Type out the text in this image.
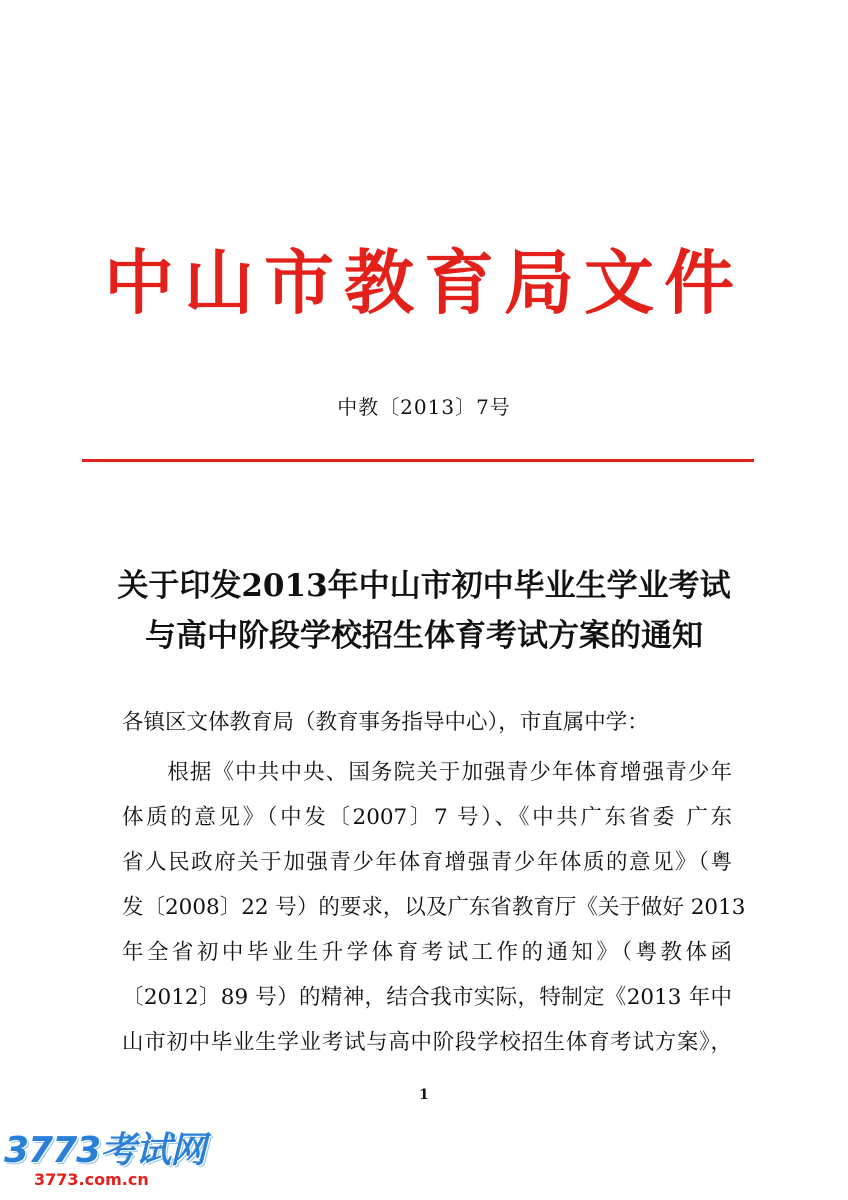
中山市教育局文件
中教〔2013〕7号
关于印发2013年中山市初中毕业生学业考试
与高中阶段学校招生体育考试方案的通知
各镇区文体教育局（教育事务指导中心），市直属中学：
　　根据《中共中央、国务院关于加强青少年体育增强青少年
体质的意见》（中发〔2007〕7 号）、《中共广东省委 广东
省人民政府关于加强青少年体育增强青少年体质的意见》（粤
发〔2008〕22 号）的要求，以及广东省教育厅《关于做好 2013
年全省初中毕业生升学体育考试工作的通知》（粤教体函
〔2012〕89 号）的精神，结合我市实际，特制定《2013 年中
山市初中毕业生学业考试与高中阶段学校招生体育考试方案》，
1
3773考试网
3773.com.cn
